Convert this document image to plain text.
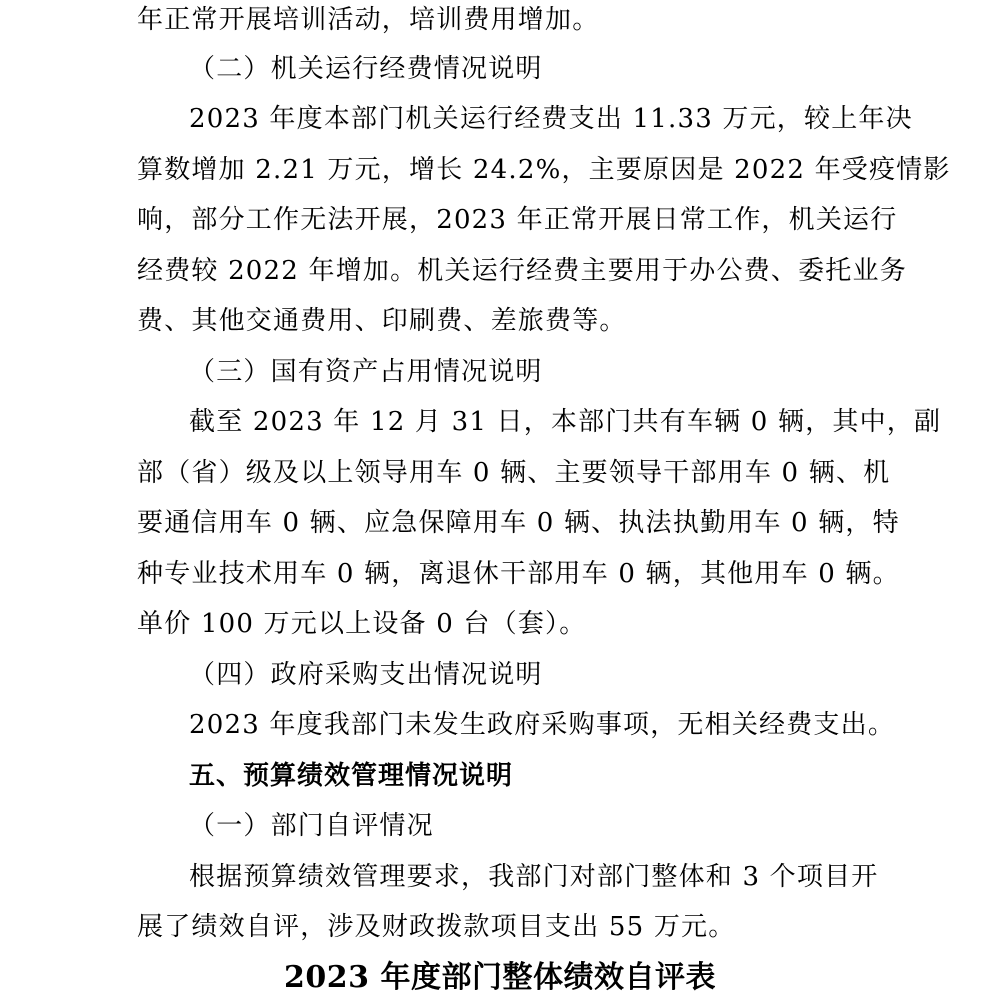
年正常开展培训活动，培训费用增加。
（二）机关运行经费情况说明
2023 年度本部门机关运行经费支出 11.33 万元，较上年决
算数增加 2.21 万元，增长 24.2%，主要原因是 2022 年受疫情影
响，部分工作无法开展，2023 年正常开展日常工作，机关运行
经费较 2022 年增加。机关运行经费主要用于办公费、委托业务
费、其他交通费用、印刷费、差旅费等。
（三）国有资产占用情况说明
截至 2023 年 12 月 31 日，本部门共有车辆 0 辆，其中，副
部（省）级及以上领导用车 0 辆、主要领导干部用车 0 辆、机
要通信用车 0 辆、应急保障用车 0 辆、执法执勤用车 0 辆，特
种专业技术用车 0 辆，离退休干部用车 0 辆，其他用车 0 辆。
单价 100 万元以上设备 0 台（套）。
（四）政府采购支出情况说明
2023 年度我部门未发生政府采购事项，无相关经费支出。
五、预算绩效管理情况说明
（一）部门自评情况
根据预算绩效管理要求，我部门对部门整体和 3 个项目开
展了绩效自评，涉及财政拨款项目支出 55 万元。
2023 年度部门整体绩效自评表
